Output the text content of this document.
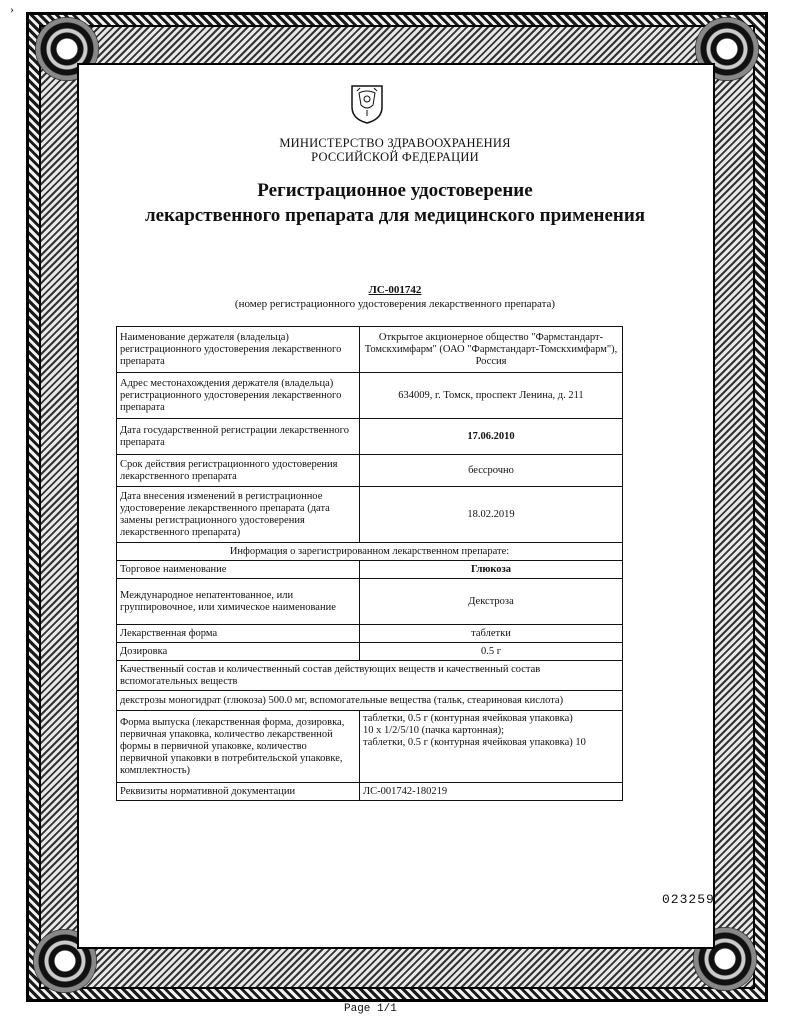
›
МИНИСТЕРСТВО ЗДРАВООХРАНЕНИЯ
РОССИЙСКОЙ ФЕДЕРАЦИИ
Регистрационное удостоверение
лекарственного препарата для медицинского применения
ЛС-001742
(номер регистрационного удостоверения лекарственного препарата)
Наименование держателя (владельца) регистрационного удостоверения лекарственного препарата	Открытое акционерное общество "Фармстандарт-Томскхимфарм" (ОАО "Фармстандарт-Томскхимфарм"), Россия
Адрес местонахождения держателя (владельца) регистрационного удостоверения лекарственного препарата	634009, г. Томск, проспект Ленина, д. 211
Дата государственной регистрации лекарственного препарата	17.06.2010
Срок действия регистрационного удостоверения лекарственного препарата	бессрочно
Дата внесения изменений в регистрационное удостоверение лекарственного препарата (дата замены регистрационного удостоверения лекарственного препарата)	18.02.2019
Информация о зарегистрированном лекарственном препарате:	
Торговое наименование	Глюкоза
Международное непатентованное, или группировочное, или химическое наименование	Декстроза
Лекарственная форма	таблетки
Дозировка	0.5 г
Качественный состав и количественный состав действующих веществ и качественный состав вспомогательных веществ	
декстрозы моногидрат (глюкоза) 500.0 мг, вспомогательные вещества (тальк, стеариновая кислота)	
Форма выпуска (лекарственная форма, дозировка, первичная упаковка, количество лекарственной формы в первичной упаковке, количество первичной упаковки в потребительской упаковке, комплектность)	таблетки, 0.5 г (контурная ячейковая упаковка)
10 x 1/2/5/10 (пачка картонная);
таблетки, 0.5 г (контурная ячейковая упаковка) 10

Реквизиты нормативной документации	ЛС-001742-180219
023259
Page 1/1
